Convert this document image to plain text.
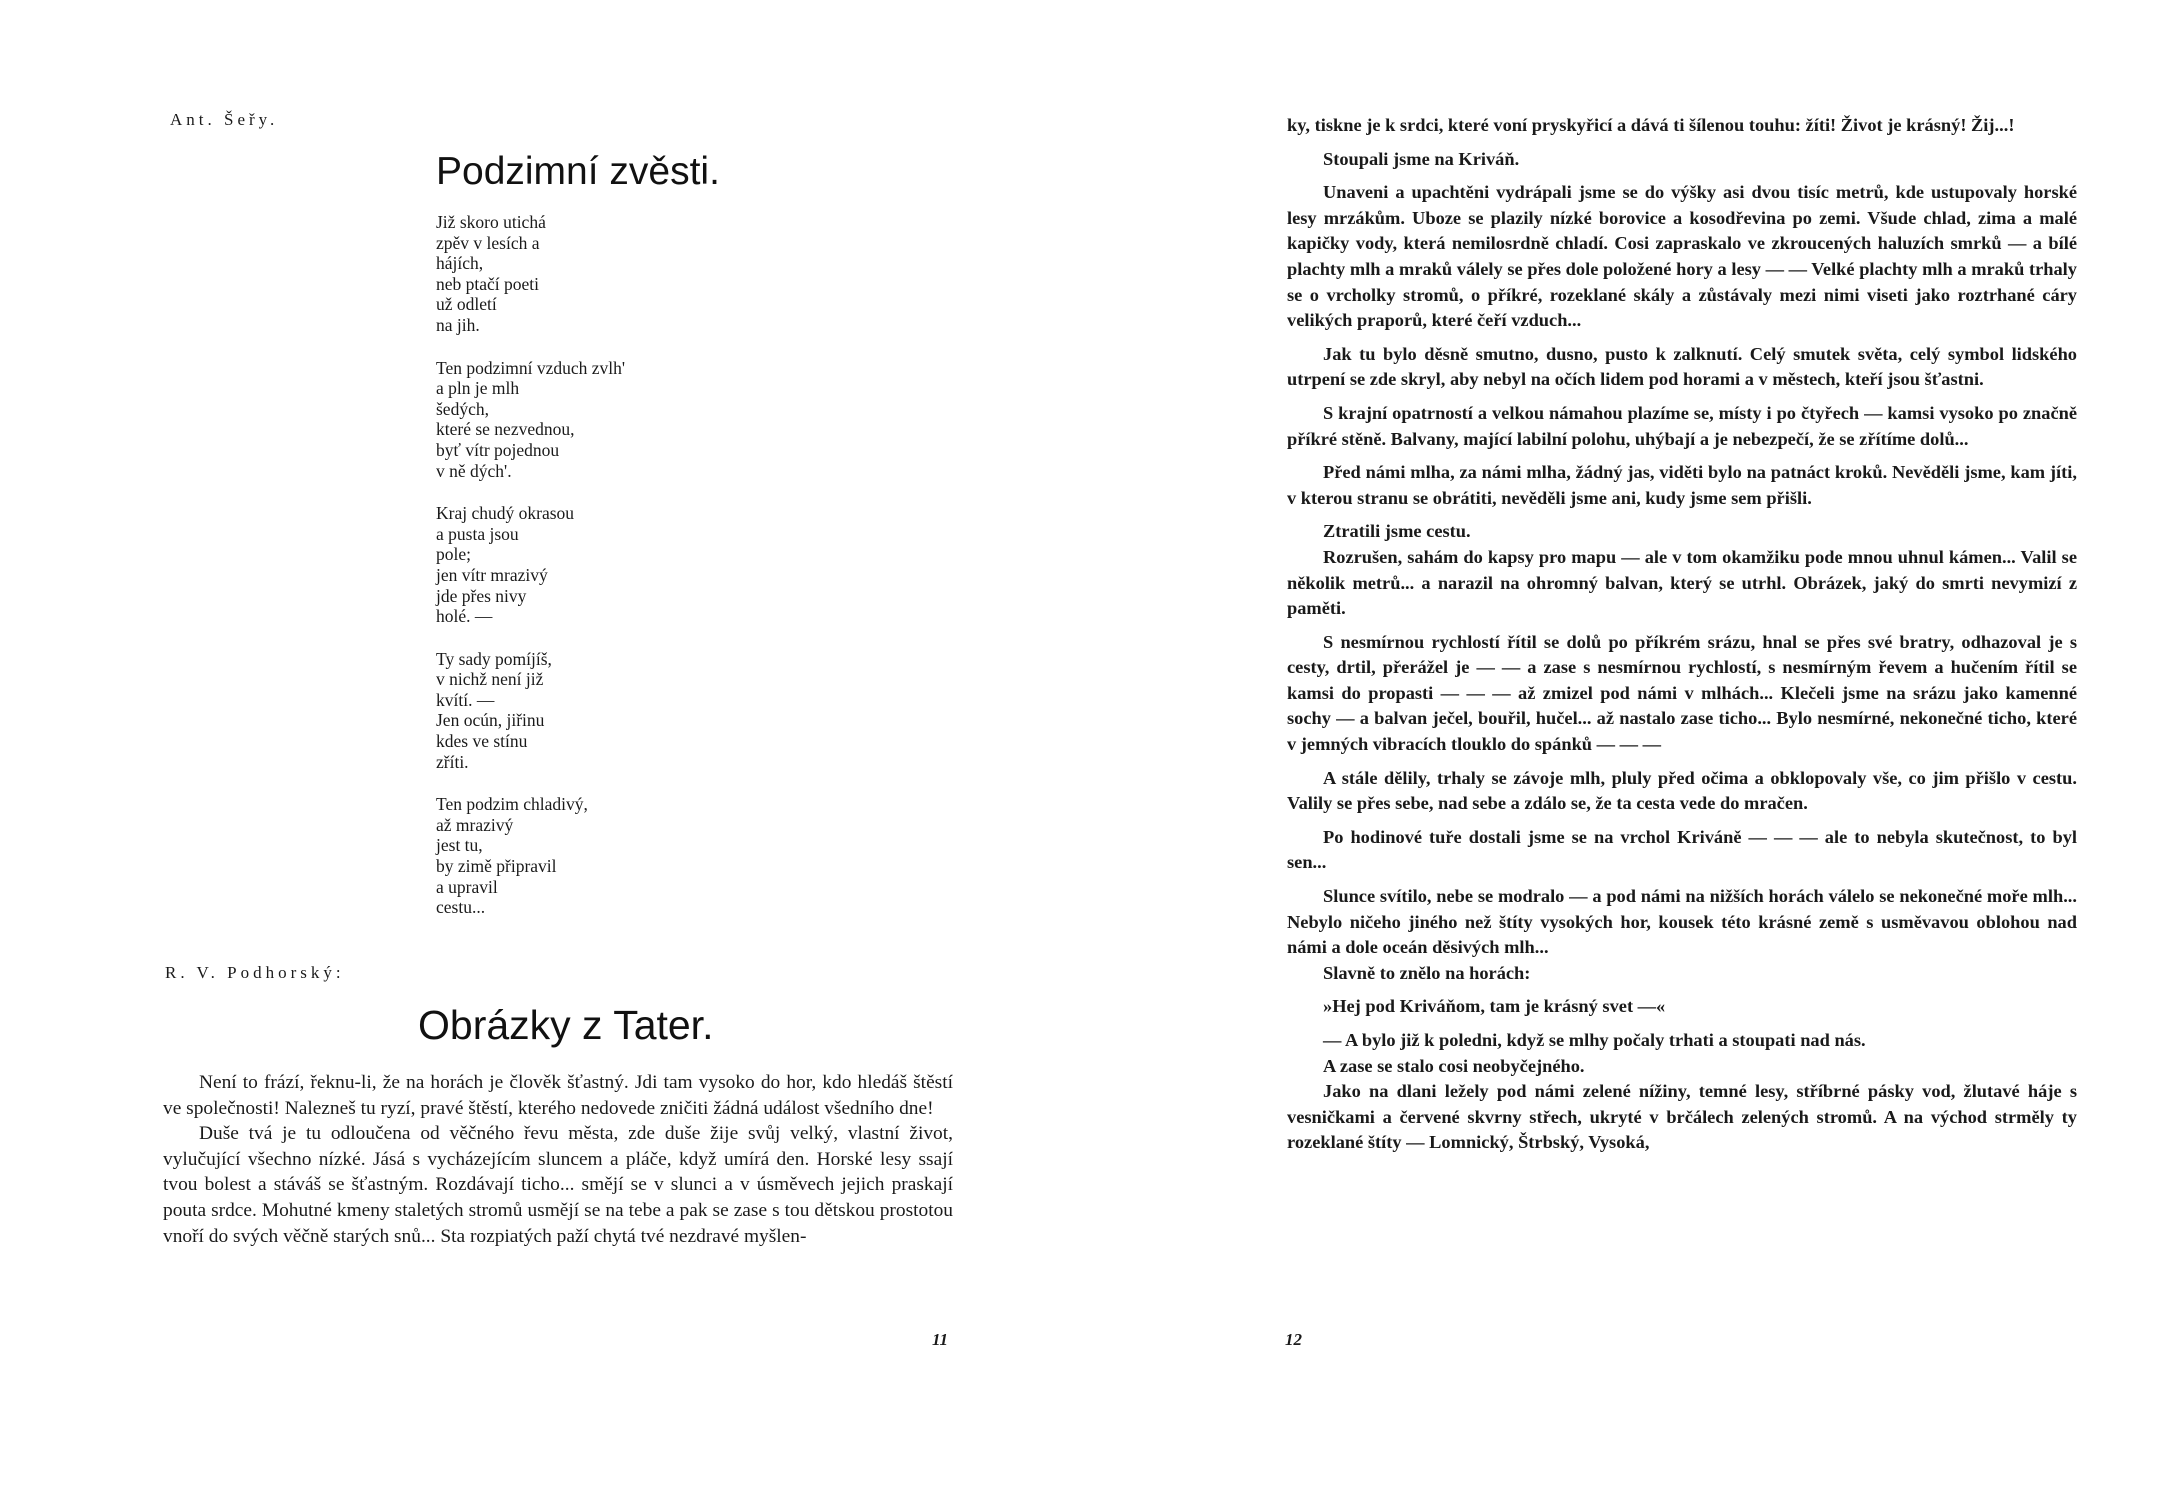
Ant. Šeřy.
Podzimní zvěsti.
Již skoro utichá
zpěv v lesích a
hájích,
neb ptačí poeti
už odletí
na jih.
Ten podzimní vzduch zvlh'
a pln je mlh
šedých,
které se nezvednou,
byť vítr pojednou
v ně dých'.
Kraj chudý okrasou
a pusta jsou
pole;
jen vítr mrazivý
jde přes nivy
holé. —
Ty sady pomíjíš,
v nichž není již
kvítí. —
Jen ocún, jiřinu
kdes ve stínu
zříti.
Ten podzim chladivý,
až mrazivý
jest tu,
by zimě připravil
a upravil
cestu...
R. V. Podhorský:
Obrázky z Tater.

Není to frází, řeknu-li, že na horách je člověk šťastný. Jdi tam vysoko do hor, kdo hledáš štěstí ve společnosti! Nalezneš tu ryzí, pravé štěstí, kterého nedovede zničiti žádná událost všedního dne!

Duše tvá je tu odloučena od věčného řevu města, zde duše žije svůj velký, vlastní život, vylučující všechno nízké. Jásá s vycházejícím sluncem a pláče, když umírá den. Horské lesy ssají tvou bolest a stáváš se šťastným. Rozdávají ticho... smějí se v slunci a v úsměvech jejich praskají pouta srdce. Mohutné kmeny staletých stromů usmějí se na tebe a pak se zase s tou dětskou prostotou vnoří do svých věčně starých snů... Sta rozpiatých paží chytá tvé nezdravé myšlen-

11

ky, tiskne je k srdci, které voní pryskyřicí a dává ti šílenou touhu: žíti! Život je krásný! Žij...!

Stoupali jsme na Kriváň.

Unaveni a upachtěni vydrápali jsme se do výšky asi dvou tisíc metrů, kde ustupovaly horské lesy mrzákům. Uboze se plazily nízké borovice a kosodřevina po zemi. Všude chlad, zima a malé kapičky vody, která nemilosrdně chladí. Cosi zapraskalo ve zkroucených haluzích smrků — a bílé plachty mlh a mraků válely se přes dole položené hory a lesy — — Velké plachty mlh a mraků trhaly se o vrcholky stromů, o příkré, rozeklané skály a zůstávaly mezi nimi viseti jako roztrhané cáry velikých praporů, které čeří vzduch...

Jak tu bylo děsně smutno, dusno, pusto k zalknutí. Celý smutek světa, celý symbol lidského utrpení se zde skryl, aby nebyl na očích lidem pod horami a v městech, kteří jsou šťastni.

S krajní opatrností a velkou námahou plazíme se, místy i po čtyřech — kamsi vysoko po značně příkré stěně. Balvany, mající labilní polohu, uhýbají a je nebezpečí, že se zřítíme dolů...

Před námi mlha, za námi mlha, žádný jas, viděti bylo na patnáct kroků. Nevěděli jsme, kam jíti, v kterou stranu se obrátiti, nevěděli jsme ani, kudy jsme sem přišli.

Ztratili jsme cestu.

Rozrušen, sahám do kapsy pro mapu — ale v tom okamžiku pode mnou uhnul kámen... Valil se několik metrů... a narazil na ohromný balvan, který se utrhl. Obrázek, jaký do smrti nevymizí z paměti.

S nesmírnou rychlostí řítil se dolů po příkrém srázu, hnal se přes své bratry, odhazoval je s cesty, drtil, přerážel je — — a zase s nesmírnou rychlostí, s nesmírným řevem a hučením řítil se kamsi do propasti — — — až zmizel pod námi v mlhách... Klečeli jsme na srázu jako kamenné sochy — a balvan ječel, bouřil, hučel... až nastalo zase ticho... Bylo nesmírné, nekonečné ticho, které v jemných vibracích tlouklo do spánků — — —

A stále dělily, trhaly se závoje mlh, pluly před očima a obklopovaly vše, co jim přišlo v cestu. Valily se přes sebe, nad sebe a zdálo se, že ta cesta vede do mračen.

Po hodinové tuře dostali jsme se na vrchol Kriváně — — — ale to nebyla skutečnost, to byl sen...

Slunce svítilo, nebe se modralo — a pod námi na nižších horách válelo se nekonečné moře mlh... Nebylo ničeho jiného než štíty vysokých hor, kousek této krásné země s usměvavou oblohou nad námi a dole oceán děsivých mlh...

Slavně to znělo na horách:

»Hej pod Kriváňom, tam je krásný svet —«

— A bylo již k poledni, když se mlhy počaly trhati a stoupati nad nás.

A zase se stalo cosi neobyčejného.

Jako na dlani ležely pod námi zelené nížiny, temné lesy, stříbrné pásky vod, žlutavé háje s vesničkami a červené skvrny střech, ukryté v brčálech zelených stromů. A na východ strměly ty rozeklané štíty — Lomnický, Štrbský, Vysoká,

12
